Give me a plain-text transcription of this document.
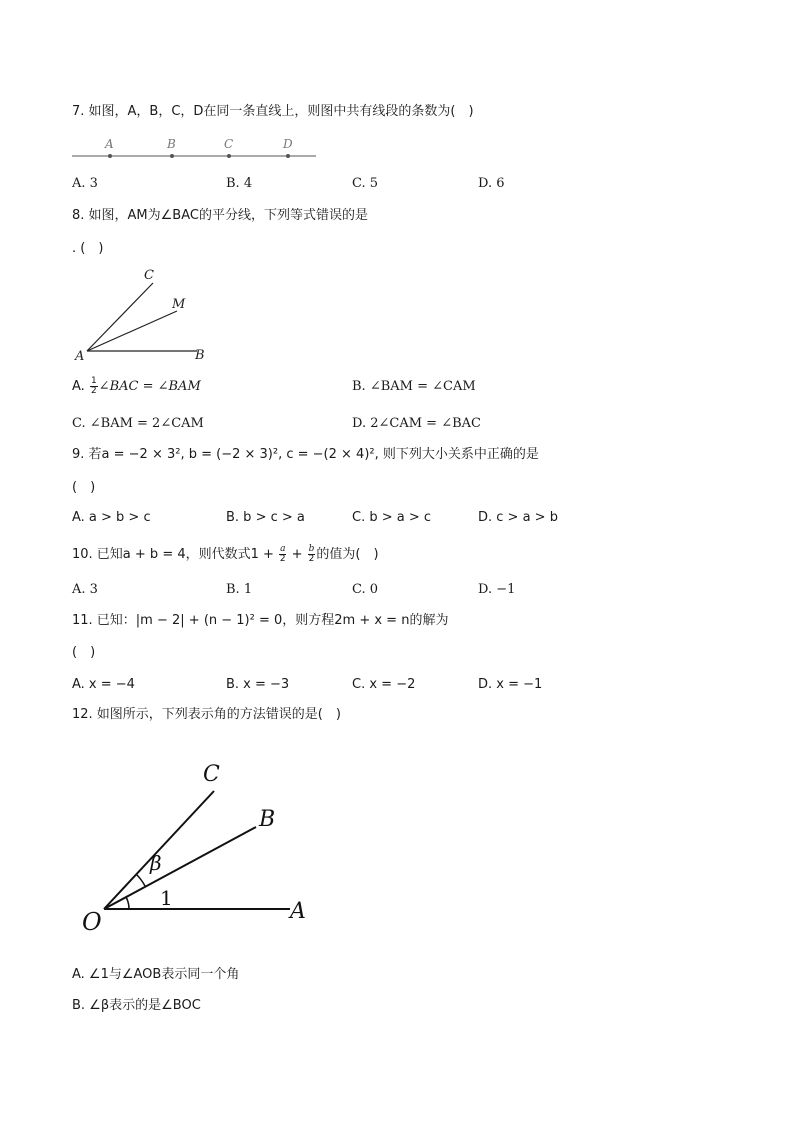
7. 如图，A，B，C，D在同一条直线上，则图中共有线段的条数为(　)
A	B	C	D
A. 3	B. 4	C. 5	D. 6
8. 如图，AM为∠BAC的平分线，下列等式错误的是
. (　)
C
M
A	B
A. $\frac{1}{2}$ ∠BAC = ∠BAM	B. ∠BAM = ∠CAM
C. ∠BAM = 2∠CAM	D. 2∠CAM = ∠BAC
9. 若a = −2 × 3², b = (−2 × 3)², c = −(2 × 4)², 则下列大小关系中正确的是
(　)
A. a > b > c	B. b > c > a	C. b > a > c	D. c > a > b
10. 已知a + b = 4，则代数式$1 + \frac{a}{2} + \frac{b}{2}$ 的值为(　)
A. 3	B. 1	C. 0	D. −1
11. 已知：|m − 2| + (n − 1)² = 0，则方程2m + x = n的解为
(　)
A. x = −4	B. x = −3	C. x = −2	D. x = −1
12. 如图所示，下列表示角的方法错误的是(　)
C
B
β
1
O	A
A. ∠1与∠AOB表示同一个角
B. ∠β表示的是∠BOC
